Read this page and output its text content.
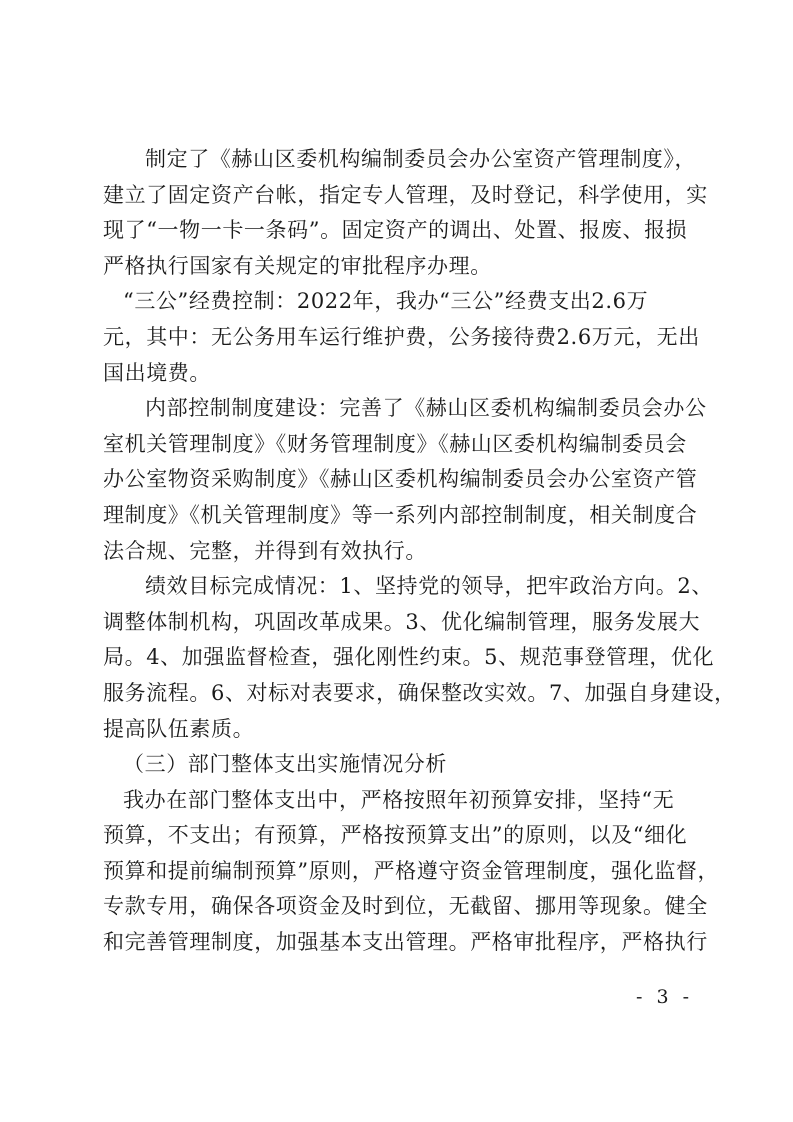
制定了《赫山区委机构编制委员会办公室资产管理制度》，
建立了固定资产台帐，指定专人管理，及时登记，科学使用，实
现了“一物一卡一条码”。固定资产的调出、处置、报废、报损
严格执行国家有关规定的审批程序办理。

“三公”经费控制：2022年，我办“三公”经费支出2.6万
元，其中：无公务用车运行维护费，公务接待费2.6万元，无出
国出境费。

内部控制制度建设：完善了《赫山区委机构编制委员会办公
室机关管理制度》《财务管理制度》《赫山区委机构编制委员会
办公室物资采购制度》《赫山区委机构编制委员会办公室资产管
理制度》《机关管理制度》等一系列内部控制制度，相关制度合
法合规、完整，并得到有效执行。

绩效目标完成情况：1、坚持党的领导，把牢政治方向。2、
调整体制机构，巩固改革成果。3、优化编制管理，服务发展大
局。4、加强监督检查，强化刚性约束。5、规范事登管理，优化
服务流程。6、对标对表要求，确保整改实效。7、加强自身建设，
提高队伍素质。

（三）部门整体支出实施情况分析

我办在部门整体支出中，严格按照年初预算安排，坚持“无
预算，不支出；有预算，严格按预算支出”的原则，以及“细化
预算和提前编制预算”原则，严格遵守资金管理制度，强化监督，
专款专用，确保各项资金及时到位，无截留、挪用等现象。健全
和完善管理制度，加强基本支出管理。严格审批程序，严格执行

- 3 -
